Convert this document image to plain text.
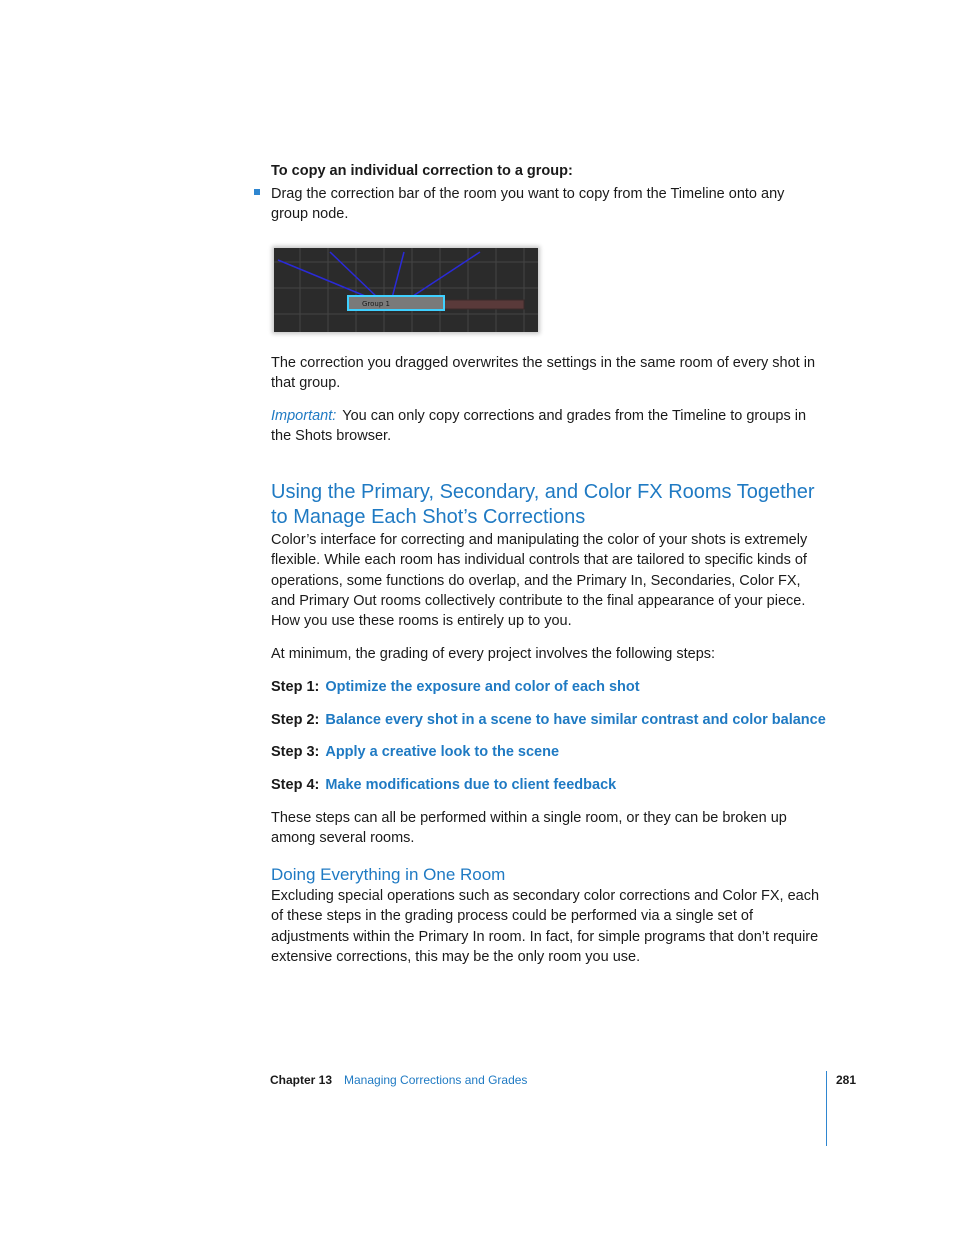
To copy an individual correction to a group:
Drag the correction bar of the room you want to copy from the Timeline onto any group node.
Group 1
The correction you dragged overwrites the settings in the same room of every shot in that group.
Important: You can only copy corrections and grades from the Timeline to groups in the Shots browser.
Using the Primary, Secondary, and Color FX Rooms Together to Manage Each Shot’s Corrections
Color’s interface for correcting and manipulating the color of your shots is extremely flexible. While each room has individual controls that are tailored to specific kinds of operations, some functions do overlap, and the Primary In, Secondaries, Color FX, and Primary Out rooms collectively contribute to the final appearance of your piece. How you use these rooms is entirely up to you.
At minimum, the grading of every project involves the following steps:
Step 1: Optimize the exposure and color of each shot
Step 2: Balance every shot in a scene to have similar contrast and color balance
Step 3: Apply a creative look to the scene
Step 4: Make modifications due to client feedback
These steps can all be performed within a single room, or they can be broken up among several rooms.
Doing Everything in One Room
Excluding special operations such as secondary color corrections and Color FX, each of these steps in the grading process could be performed via a single set of adjustments within the Primary In room. In fact, for simple programs that don’t require extensive corrections, this may be the only room you use.
Chapter 13 Managing Corrections and Grades	281
